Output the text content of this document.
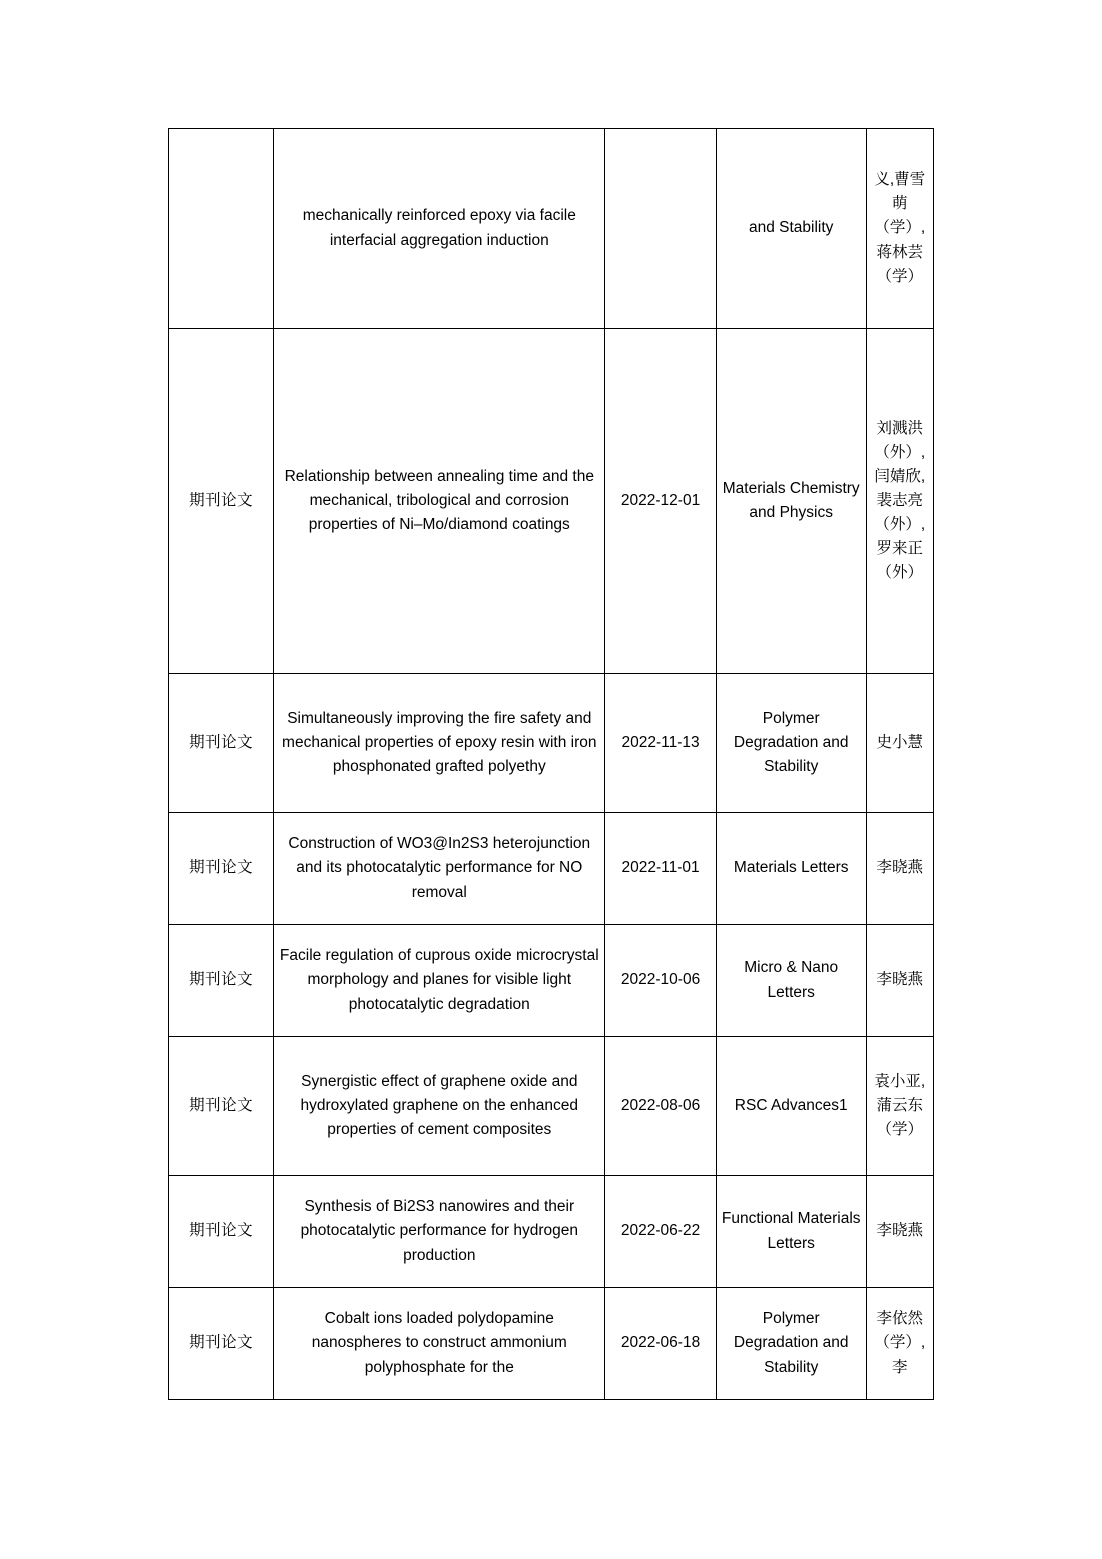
	mechanically reinforced epoxy via facile interfacial aggregation induction		and Stability	义,曹雪萌（学）,蒋林芸（学）
期刊论文	Relationship between annealing time and the mechanical, tribological and corrosion properties of Ni–Mo/diamond coatings	2022-12-01	Materials Chemistry and Physics	刘溅洪（外）,闫婧欣,裴志亮（外）,罗来正（外）
期刊论文	Simultaneously improving the fire safety and mechanical properties of epoxy resin with iron phosphonated grafted polyethy	2022-11-13	Polymer Degradation and Stability	史小慧
期刊论文	Construction of WO3@In2S3 heterojunction and its photocatalytic performance for NO removal	2022-11-01	Materials Letters	李晓燕
期刊论文	Facile regulation of cuprous oxide microcrystal morphology and planes for visible light photocatalytic degradation	2022-10-06	Micro & Nano Letters	李晓燕
期刊论文	Synergistic effect of graphene oxide and hydroxylated graphene on the enhanced properties of cement composites	2022-08-06	RSC Advances1	袁小亚,蒲云东（学）
期刊论文	Synthesis of Bi2S3 nanowires and their photocatalytic performance for hydrogen production	2022-06-22	Functional Materials Letters	李晓燕
期刊论文	Cobalt ions loaded polydopamine nanospheres to construct ammonium polyphosphate for the	2022-06-18	Polymer Degradation and Stability	李依然（学）,李
